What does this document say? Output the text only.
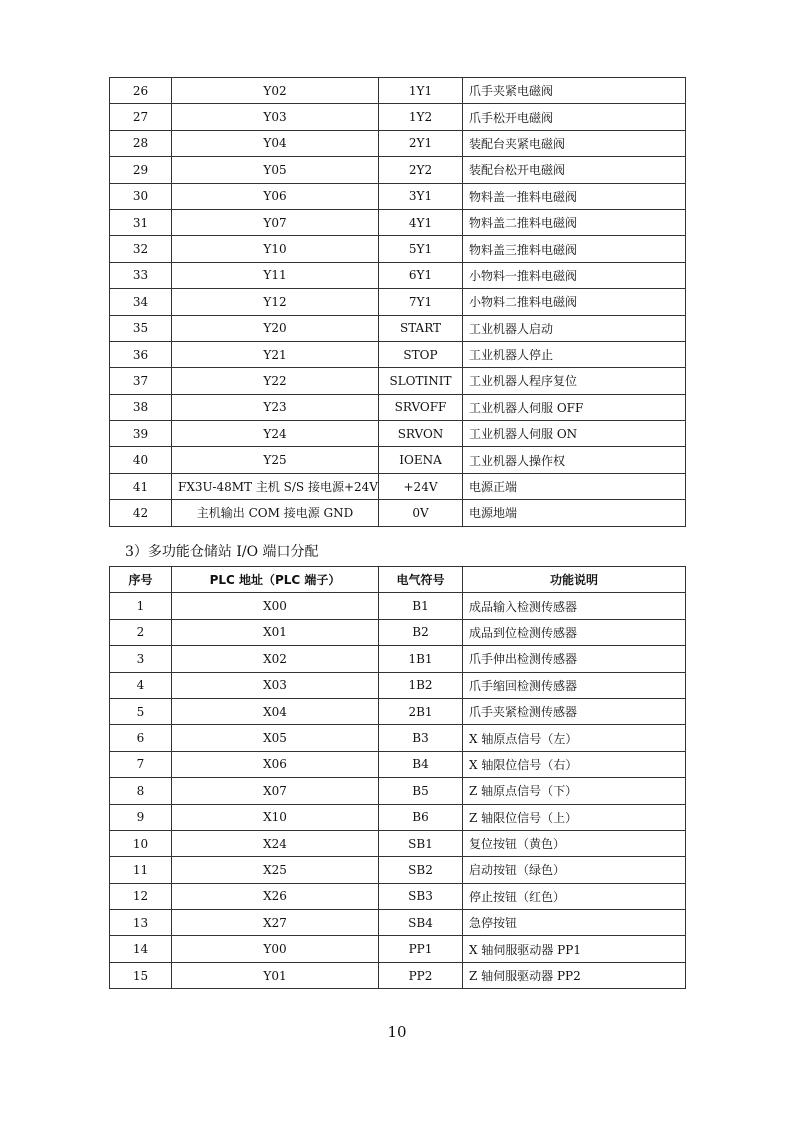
26	Y02	1Y1	爪手夹紧电磁阀
27	Y03	1Y2	爪手松开电磁阀
28	Y04	2Y1	装配台夹紧电磁阀
29	Y05	2Y2	装配台松开电磁阀
30	Y06	3Y1	物料盖一推料电磁阀
31	Y07	4Y1	物料盖二推料电磁阀
32	Y10	5Y1	物料盖三推料电磁阀
33	Y11	6Y1	小物料一推料电磁阀
34	Y12	7Y1	小物料二推料电磁阀
35	Y20	START	工业机器人启动
36	Y21	STOP	工业机器人停止
37	Y22	SLOTINIT	工业机器人程序复位
38	Y23	SRVOFF	工业机器人伺服 OFF
39	Y24	SRVON	工业机器人伺服 ON
40	Y25	IOENA	工业机器人操作权
41	FX3U-48MT 主机 S/S 接电源+24V	+24V	电源正端
42	主机输出 COM 接电源 GND	0V	电源地端
3）多功能仓储站 I/O 端口分配
序号	PLC 地址（PLC 端子）	电气符号	功能说明
1	X00	B1	成品输入检测传感器
2	X01	B2	成品到位检测传感器
3	X02	1B1	爪手伸出检测传感器
4	X03	1B2	爪手缩回检测传感器
5	X04	2B1	爪手夹紧检测传感器
6	X05	B3	X 轴原点信号（左）
7	X06	B4	X 轴限位信号（右）
8	X07	B5	Z 轴原点信号（下）
9	X10	B6	Z 轴限位信号（上）
10	X24	SB1	复位按钮（黄色）
11	X25	SB2	启动按钮（绿色）
12	X26	SB3	停止按钮（红色）
13	X27	SB4	急停按钮
14	Y00	PP1	X 轴伺服驱动器 PP1
15	Y01	PP2	Z 轴伺服驱动器 PP2
10
